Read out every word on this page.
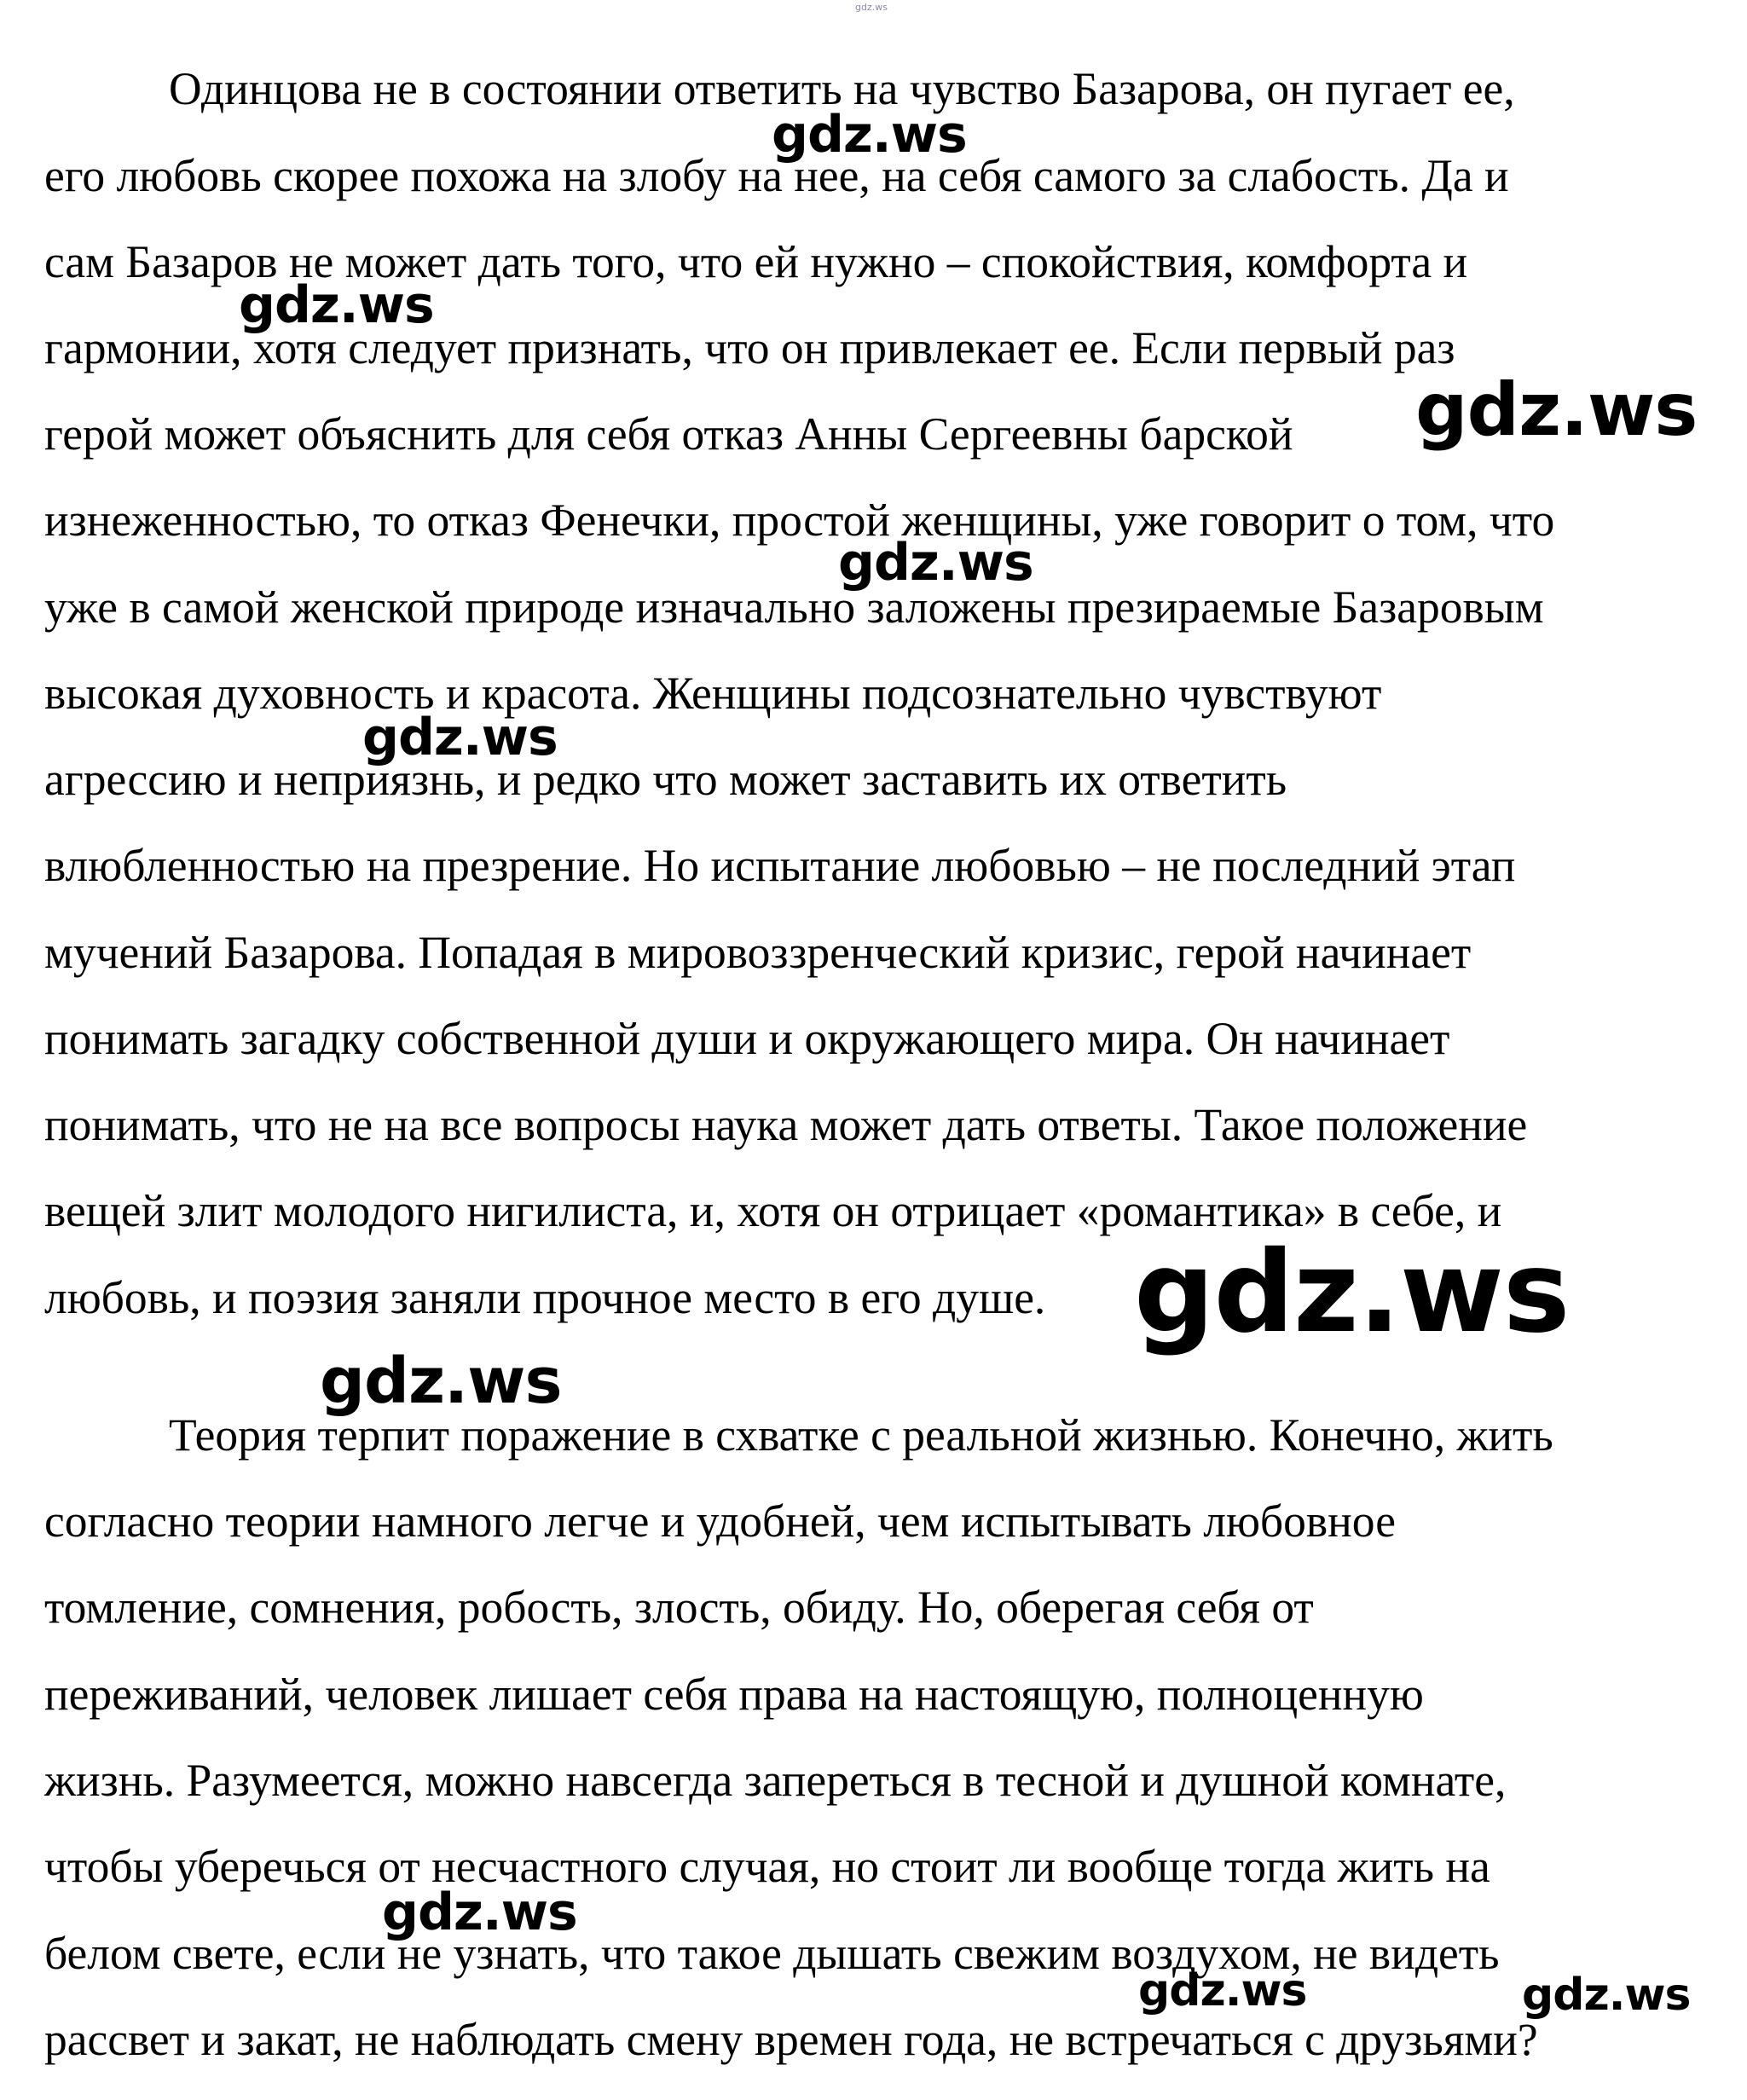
Одинцова не в состоянии ответить на чувство Базарова, он пугает ее,
его любовь скорее похожа на злобу на нее, на себя самого за слабость. Да и
сам Базаров не может дать того, что ей нужно – спокойствия, комфорта и
гармонии, хотя следует признать, что он привлекает ее. Если первый раз
герой может объяснить для себя отказ Анны Сергеевны барской
изнеженностью, то отказ Фенечки, простой женщины, уже говорит о том, что
уже в самой женской природе изначально заложены презираемые Базаровым
высокая духовность и красота. Женщины подсознательно чувствуют
агрессию и неприязнь, и редко что может заставить их ответить
влюбленностью на презрение. Но испытание любовью – не последний этап
мучений Базарова. Попадая в мировоззренческий кризис, герой начинает
понимать загадку собственной души и окружающего мира. Он начинает
понимать, что не на все вопросы наука может дать ответы. Такое положение
вещей злит молодого нигилиста, и, хотя он отрицает «романтика» в себе, и
любовь, и поэзия заняли прочное место в его душе.
Теория терпит поражение в схватке с реальной жизнью. Конечно, жить
согласно теории намного легче и удобней, чем испытывать любовное
томление, сомнения, робость, злость, обиду. Но, оберегая себя от
переживаний, человек лишает себя права на настоящую, полноценную
жизнь. Разумеется, можно навсегда запереться в тесной и душной комнате,
чтобы уберечься от несчастного случая, но стоит ли вообще тогда жить на
белом свете, если не узнать, что такое дышать свежим воздухом, не видеть
рассвет и закат, не наблюдать смену времен года, не встречаться с друзьями?
gdz.ws
gdz.ws
gdz.ws
gdz.ws
gdz.ws
gdz.ws
gdz.ws
gdz.ws
gdz.ws
gdz.ws	gdz.ws
